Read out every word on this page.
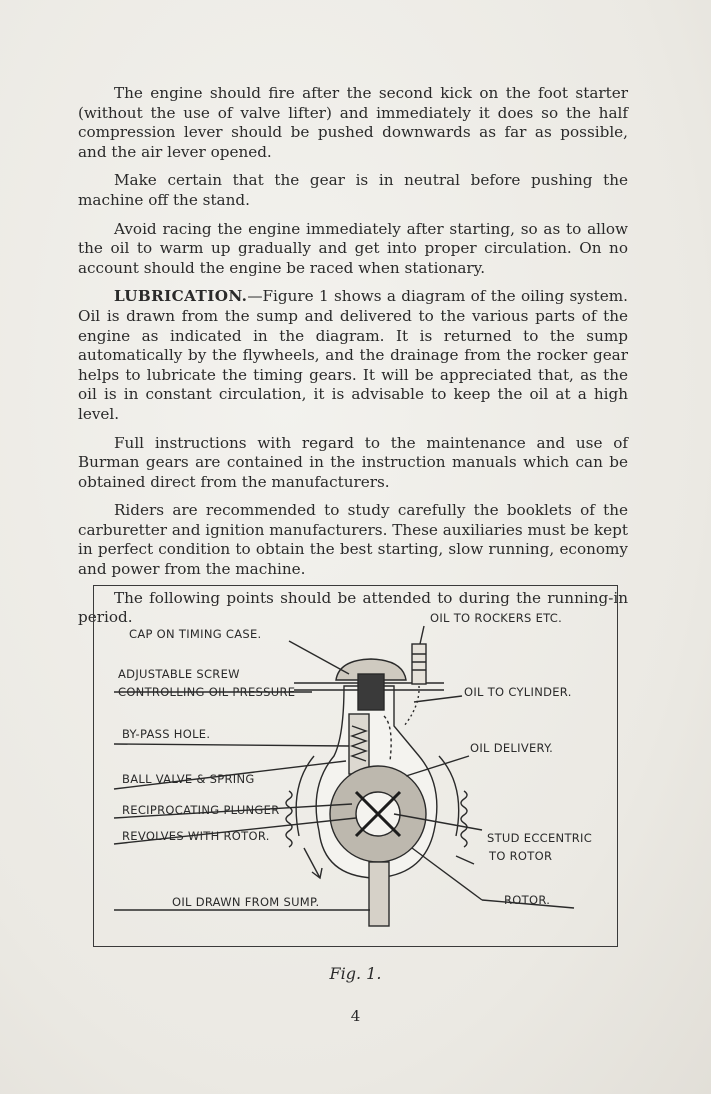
The engine should fire after the second kick on the foot starter (without the use of valve lifter) and immediately it does so the half compression lever should be pushed downwards as far as possible, and the air lever opened.

Make certain that the gear is in neutral before pushing the machine off the stand.

Avoid racing the engine immediately after starting, so as to allow the oil to warm up gradually and get into proper circulation. On no account should the engine be raced when stationary.

LUBRICATION.—Figure 1 shows a diagram of the oiling system. Oil is drawn from the sump and delivered to the various parts of the engine as indicated in the diagram. It is returned to the sump automatically by the flywheels, and the drainage from the rocker gear helps to lubricate the timing gears. It will be appreciated that, as the oil is in constant circulation, it is advisable to keep the oil at a high level.

Full instructions with regard to the maintenance and use of Burman gears are contained in the instruction manuals which can be obtained direct from the manufacturers.

Riders are recommended to study carefully the booklets of the carburetter and ignition manufacturers. These auxiliaries must be kept in perfect condition to obtain the best starting, slow running, economy and power from the machine.

The following points should be attended to during the running-in period.	OIL TO ROCKERS ETC.
CAP ON TIMING CASE.
ADJUSTABLE SCREW
CONTROLLING OIL PRESSURE	OIL TO CYLINDER.
BY-PASS HOLE.
OIL DELIVERY.
BALL VALVE & SPRING
RECIPROCATING PLUNGER
REVOLVES WITH ROTOR.	STUD ECCENTRIC
TO ROTOR
OIL DRAWN FROM SUMP.	ROTOR.
Fig. 1.
4
